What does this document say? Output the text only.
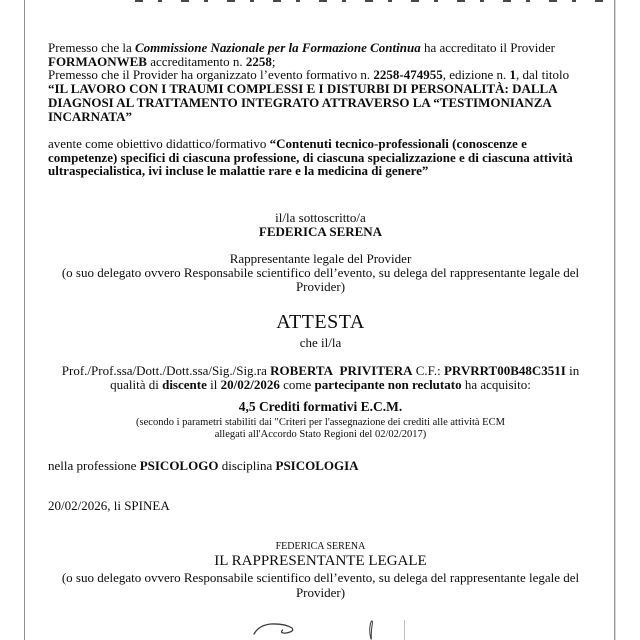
Premesso che la Commissione Nazionale per la Formazione Continua ha accreditato il Provider
FORMAONWEB accreditamento n. 2258;
Premesso che il Provider ha organizzato l’evento formativo n. 2258-474955, edizione n. 1, dal titolo
“IL LAVORO CON I TRAUMI COMPLESSI E I DISTURBI DI PERSONALITÀ: DALLA
DIAGNOSI AL TRATTAMENTO INTEGRATO ATTRAVERSO LA “TESTIMONIANZA
INCARNATA”
avente come obiettivo didattico/formativo “Contenuti tecnico-professionali (conoscenze e competenze) specifici di ciascuna professione, di ciascuna specializzazione e di ciascuna attività ultraspecialistica, ivi incluse le malattie rare e la medicina di genere”
il/la sottoscritto/a
FEDERICA SERENA
Rappresentante legale del Provider
(o suo delegato ovvero Responsabile scientifico dell’evento, su delega del rappresentante legale del Provider)
ATTESTA
che il/la
Prof./Prof.ssa/Dott./Dott.ssa/Sig./Sig.ra ROBERTA  PRIVITERA C.F.: PRVRRT00B48C351I in
qualità di discente il 20/02/2026 come partecipante non reclutato ha acquisito:
4,5 Crediti formativi E.C.M.
(secondo i parametri stabiliti dai "Criteri per l'assegnazione dei crediti alle attività ECM
allegati all'Accordo Stato Regioni del 02/02/2017)
nella professione PSICOLOGO disciplina PSICOLOGIA
20/02/2026, li SPINEA
FEDERICA SERENA
IL RAPPRESENTANTE LEGALE
(o suo delegato ovvero Responsabile scientifico dell’evento, su delega del rappresentante legale del Provider)
